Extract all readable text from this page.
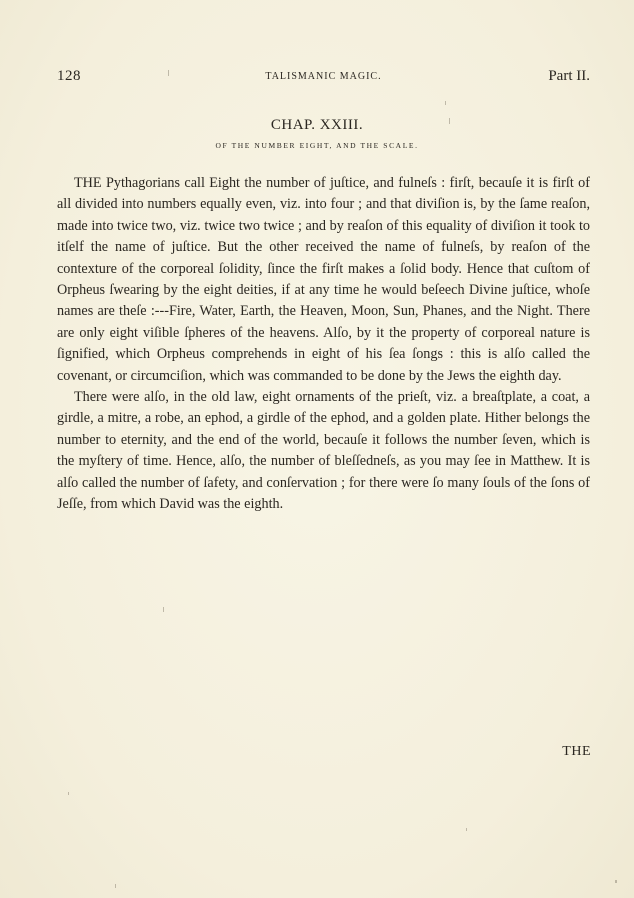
128	TALISMANIC MAGIC.	Part II.
CHAP. XXIII.
OF THE NUMBER EIGHT, AND THE SCALE.

THE Pythagorians call Eight the number of juſtice, and fulneſs : firſt, becauſe it is firſt of all divided into numbers equally even, viz. into four ; and that diviſion is, by the ſame reaſon, made into twice two, viz. twice two twice ; and by reaſon of this equality of diviſion it took to itſelf the name of juſtice. But the other received the name of fulneſs, by reaſon of the contexture of the corporeal ſolidity, ſince the firſt makes a ſolid body. Hence that cuſtom of Orpheus ſwearing by the eight deities, if at any time he would beſeech Divine juſtice, whoſe names are theſe :---Fire, Water, Earth, the Heaven, Moon, Sun, Phanes, and the Night. There are only eight viſible ſpheres of the heavens. Alſo, by it the property of corporeal nature is ſignified, which Orpheus comprehends in eight of his ſea ſongs : this is alſo called the covenant, or circumciſion, which was commanded to be done by the Jews the eighth day.

There were alſo, in the old law, eight ornaments of the prieſt, viz. a breaſtplate, a coat, a girdle, a mitre, a robe, an ephod, a girdle of the ephod, and a golden plate. Hither belongs the number to eternity, and the end of the world, becauſe it follows the number ſeven, which is the myſtery of time. Hence, alſo, the number of bleſſedneſs, as you may ſee in Matthew. It is alſo called the number of ſafety, and conſervation ; for there were ſo many ſouls of the ſons of Jeſſe, from which David was the eighth.

THE
